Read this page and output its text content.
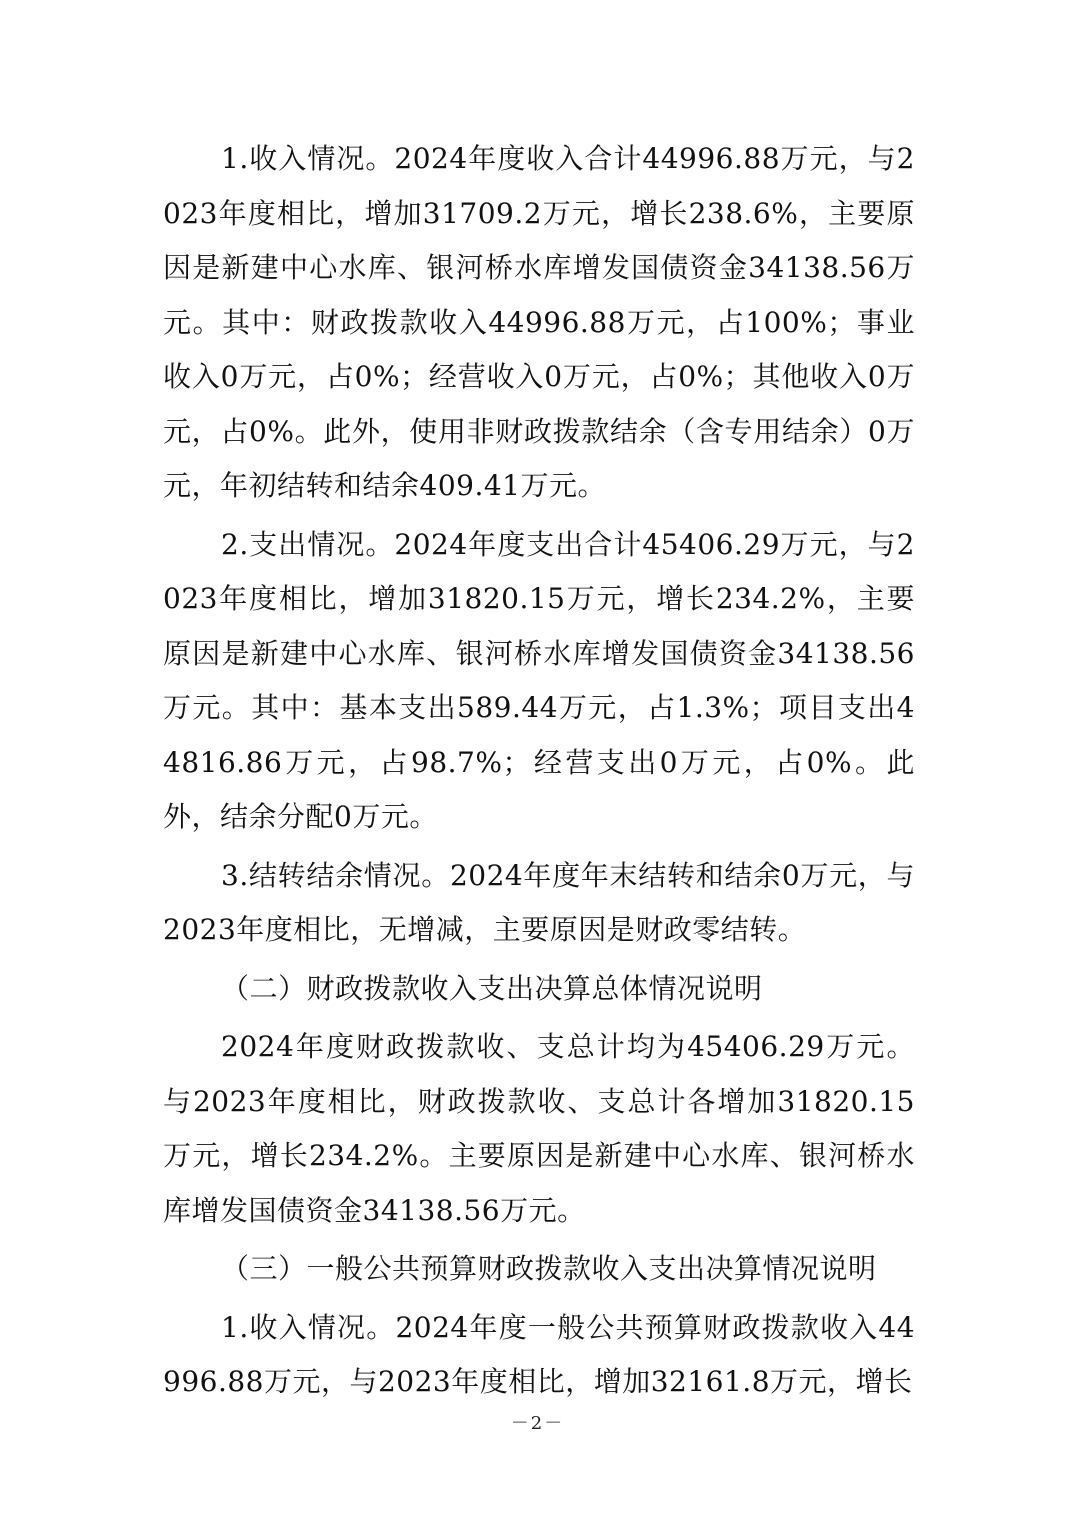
1.收入情况。2024年度收入合计44996.88万元，与2023年度相比，增加31709.2万元，增长238.6%，主要原因是新建中心水库、银河桥水库增发国债资金34138.56万元。其中：财政拨款收入44996.88万元，占100%；事业收入0万元，占0%；经营收入0万元，占0%；其他收入0万元，占0%。此外，使用非财政拨款结余（含专用结余）0万元，年初结转和结余409.41万元。

2.支出情况。2024年度支出合计45406.29万元，与2023年度相比，增加31820.15万元，增长234.2%，主要原因是新建中心水库、银河桥水库增发国债资金34138.56万元。其中：基本支出589.44万元，占1.3%；项目支出44816.86万元，占98.7%；经营支出0万元，占0%。此外，结余分配0万元。

3.结转结余情况。2024年度年末结转和结余0万元，与2023年度相比，无增减，主要原因是财政零结转。

（二）财政拨款收入支出决算总体情况说明

2024年度财政拨款收、支总计均为45406.29万元。与2023年度相比，财政拨款收、支总计各增加31820.15万元，增长234.2%。主要原因是新建中心水库、银河桥水库增发国债资金34138.56万元。

（三）一般公共预算财政拨款收入支出决算情况说明

1.收入情况。2024年度一般公共预算财政拨款收入44996.88万元，与2023年度相比，增加32161.8万元，增长

－2－
